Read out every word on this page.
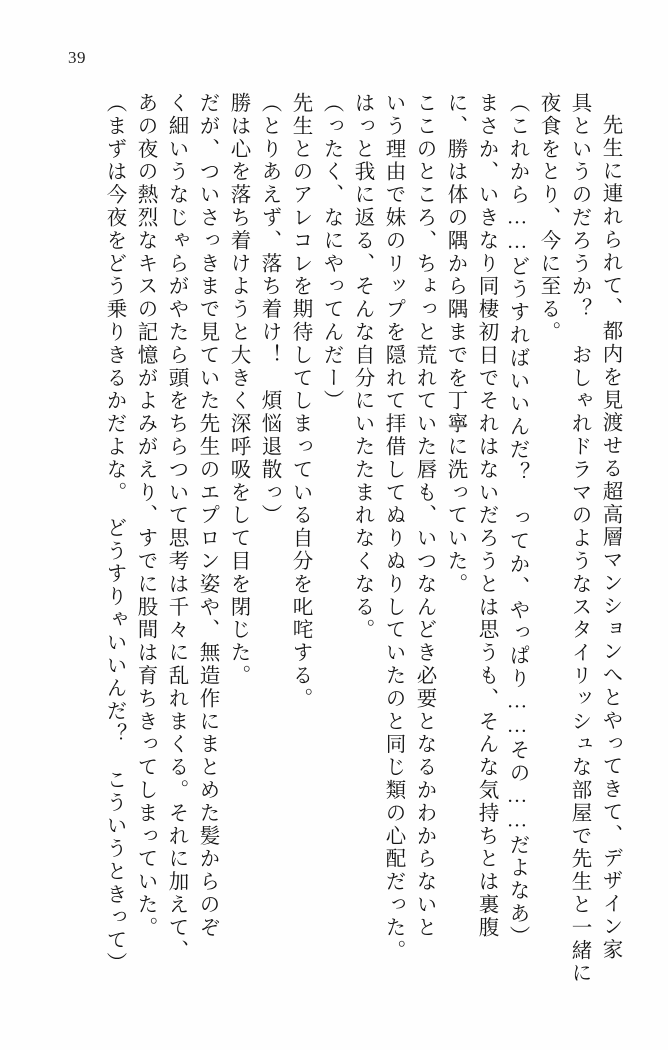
39
先生に連れられて、都内を見渡せる超高層マンションへとやってきて、デザイン家
具というのだろうか？　おしゃれドラマのようなスタイリッシュな部屋で先生と一緒に
夜食をとり、今に至る。
（これから……どうすればいいんだ？　ってか、やっぱり……その……だよなあ）
まさか、いきなり同棲初日でそれはないだろうとは思うも、そんな気持ちとは裏腹
に、勝は体の隅から隅までを丁寧に洗っていた。
ここのところ、ちょっと荒れていた唇も、いつなんどき必要となるかわからないと
いう理由で妹のリップを隠れて拝借してぬりぬりしていたのと同じ類の心配だった。
はっと我に返る、そんな自分にいたたまれなくなる。
（ったく、なにやってんだー）
先生とのアレコレを期待してしまっている自分を叱咤する。
（とりあえず、落ち着け！　煩悩退散っ）
勝は心を落ち着けようと大きく深呼吸をして目を閉じた。
だが、ついさっきまで見ていた先生のエプロン姿や、無造作にまとめた髪からのぞ
く細いうなじゃらがやたら頭をちらついて思考は千々に乱れまくる。それに加えて、
あの夜の熱烈なキスの記憶がよみがえり、すでに股間は育ちきってしまっていた。
（まずは今夜をどう乗りきるかだよな。　どうすりゃいいんだ？　こういうときって）
